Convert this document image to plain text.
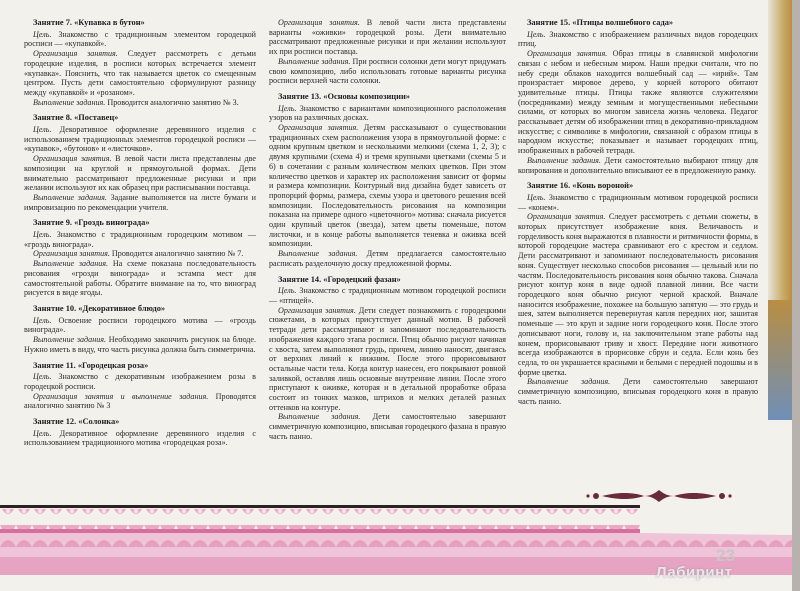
Занятие 7. «Купавка в бутон»

Цель. Знакомство с традиционным элементом городецкой росписи — «купавкой».

Организация занятия. Следует рассмотреть с детьми городецкие изделия, в росписи которых встречается элемент «купавка». Пояснить, что так называется цветок со смещенным центром. Пусть дети самостоятельно сформулируют разницу между «купавкой» и «розаном».

Выполнение задания. Проводится аналогично занятию № 3.

Занятие 8. «Поставец»

Цель. Декоративное оформление деревянного изделия с использованием традиционных элементов городецкой росписи — «купавок», «бутонов» и «листочков».

Организация занятия. В левой части листа представлены две композиции на круглой и прямоугольной формах. Дети внимательно рассматривают предложенные рисунки и при желании используют их как образец при расписывании поставца.

Выполнение задания. Задание выполняется на листе бумаги и импровизацию по рекомендации учителя.

Занятие 9. «Гроздь винограда»

Цель. Знакомство с традиционным городецким мотивом — «гроздь винограда».

Организация занятия. Проводится аналогично занятию № 7.

Выполнение задания. На схеме показана последовательность рисования «грозди винограда» и эстампа мест для самостоятельной работы. Обратите внимание на то, что виноград рисуется в виде ягоды.

Занятие 10. «Декоративное блюдо»

Цель. Освоение росписи городецкого мотива — «гроздь винограда».

Выполнение задания. Необходимо закончить рисунок на блюде. Нужно иметь в виду, что часть рисунка должна быть симметрична.

Занятие 11. «Городецкая роза»

Цель. Знакомство с декоративным изображением розы в городецкой росписи.

Организация занятия и выполнение задания. Проводятся аналогично занятию № 3

Занятие 12. «Солонка»

Цель. Декоративное оформление деревянного изделия с использованием традиционного мотива «городецкая роза».

Организация занятия. В левой части листа представлены варианты «оживки» городецкой розы. Дети внимательно рассматривают предложенные рисунки и при желании используют их при росписи поставца.

Выполнение задания. При росписи солонки дети могут придумать свою композицию, либо использовать готовые варианты рисунка росписи верхней части солонки.

Занятие 13. «Основы композиции»

Цель. Знакомство с вариантами композиционного расположения узоров на различных досках.

Организация занятия. Детям рассказывают о существовании традиционных схем расположения узора в прямоугольной форме: с одним крупным цветком и несколькими мелкими (схема 1, 2, 3); с двумя крупными (схема 4) и тремя крупными цветками (схемы 5 и 6) в сочетании с разным количеством мелких цветков. При этом количество цветков и характер их расположения зависит от формы и размера композиции. Контурный вид дизайна будет зависеть от пропорций формы, размера, схемы узора и цветового решения всей композиции. Последовательность рисования на композиции показана на примере одного «цветочного» мотива: сначала рисуется один крупный цветок (звезда), затем цветы поменьше, потом листочки, и в конце работы выполняется теневка и оживка всей композиции.

Выполнение задания. Детям предлагается самостоятельно расписать разделочную доску предложенной формы.

Занятие 14. «Городецкий фазан»

Цель. Знакомство с традиционным мотивом городецкой росписи — «птицей».

Организация занятия. Дети следует познакомить с городецкими сюжетами, в которых присутствует данный мотив. В рабочей тетради дети рассматривают и запоминают последовательность изображения каждого этапа росписи. Птиц обычно рисуют начиная с хвоста, затем выполняют грудь, причем, линию наносят, двигаясь от верхних линий к нижним. После этого прорисовывают остальные части тела. Когда контур нанесен, его покрывают ровной заливкой, оставляя лишь основные внутренние линии. После этого приступают к оживке, которая и в детальной проработке образа состоит из тонких мазков, штрихов и мелких деталей разных оттенков на контуре.

Выполнение задания. Дети самостоятельно завершают симметричную композицию, вписывая городецкого фазана в правую часть панно.

Занятие 15. «Птицы волшебного сада»

Цель. Знакомство с изображением различных видов городецких птиц.

Организация занятия. Образ птицы в славянской мифологии связан с небом и небесным миром. Наши предки считали, что по небу среди облаков находится волшебный сад — «ирий». Там произрастает мировое дерево, у корней которого обитают удивительные птицы. Птицы также являются служителями (посредниками) между земным и могущественными небесными силами, от которых во многом зависела жизнь человека. Педагог рассказывает детям об изображении птиц в декоративно-прикладном искусстве; с символике в мифологии, связанной с образом птицы в народном искусстве; показывает и называет городецких птиц, изображенных в рабочей тетради.

Выполнение задания. Дети самостоятельно выбирают птицу для копирования и дополнительно вписывают ее в предложенную рамку.

Занятие 16. «Конь вороной»

Цель. Знакомство с традиционным мотивом городецкой росписи — «конем».

Организация занятия. Следует рассмотреть с детьми сюжеты, в которых присутствует изображение коня. Величавость и горделивость коня выражаются в плавности и ритмичности формы, в которой городецкие мастера сравнивают его с крестом и седлом. Дети рассматривают и запоминают последовательность рисования коня. Существует несколько способов рисования — цельный или по частям. Последовательность рисования коня обычно такова. Сначала рисуют контур коня в виде одной плавной линии. Все части городецкого коня обычно рисуют черной краской. Вначале наносится изображение, похожее на большую запятую — это грудь и шея, затем выполняется перевернутая капля передних ног, зашитая поменьше — это круп и задние ноги городецкого коня. После этого дописывают ноги, голову и, на заключительном этапе работы над конем, прорисовывают гриву и хвост. Передние ноги животного всегда изображаются в прорисовке сбруи и седла. Если конь без седла, то он украшается красными и белыми с передней подошвы и в форме цветка.

Выполнение задания. Дети самостоятельно завершают симметричную композицию, вписывая городецкого коня в правую часть панно.

23
Лабиринт
